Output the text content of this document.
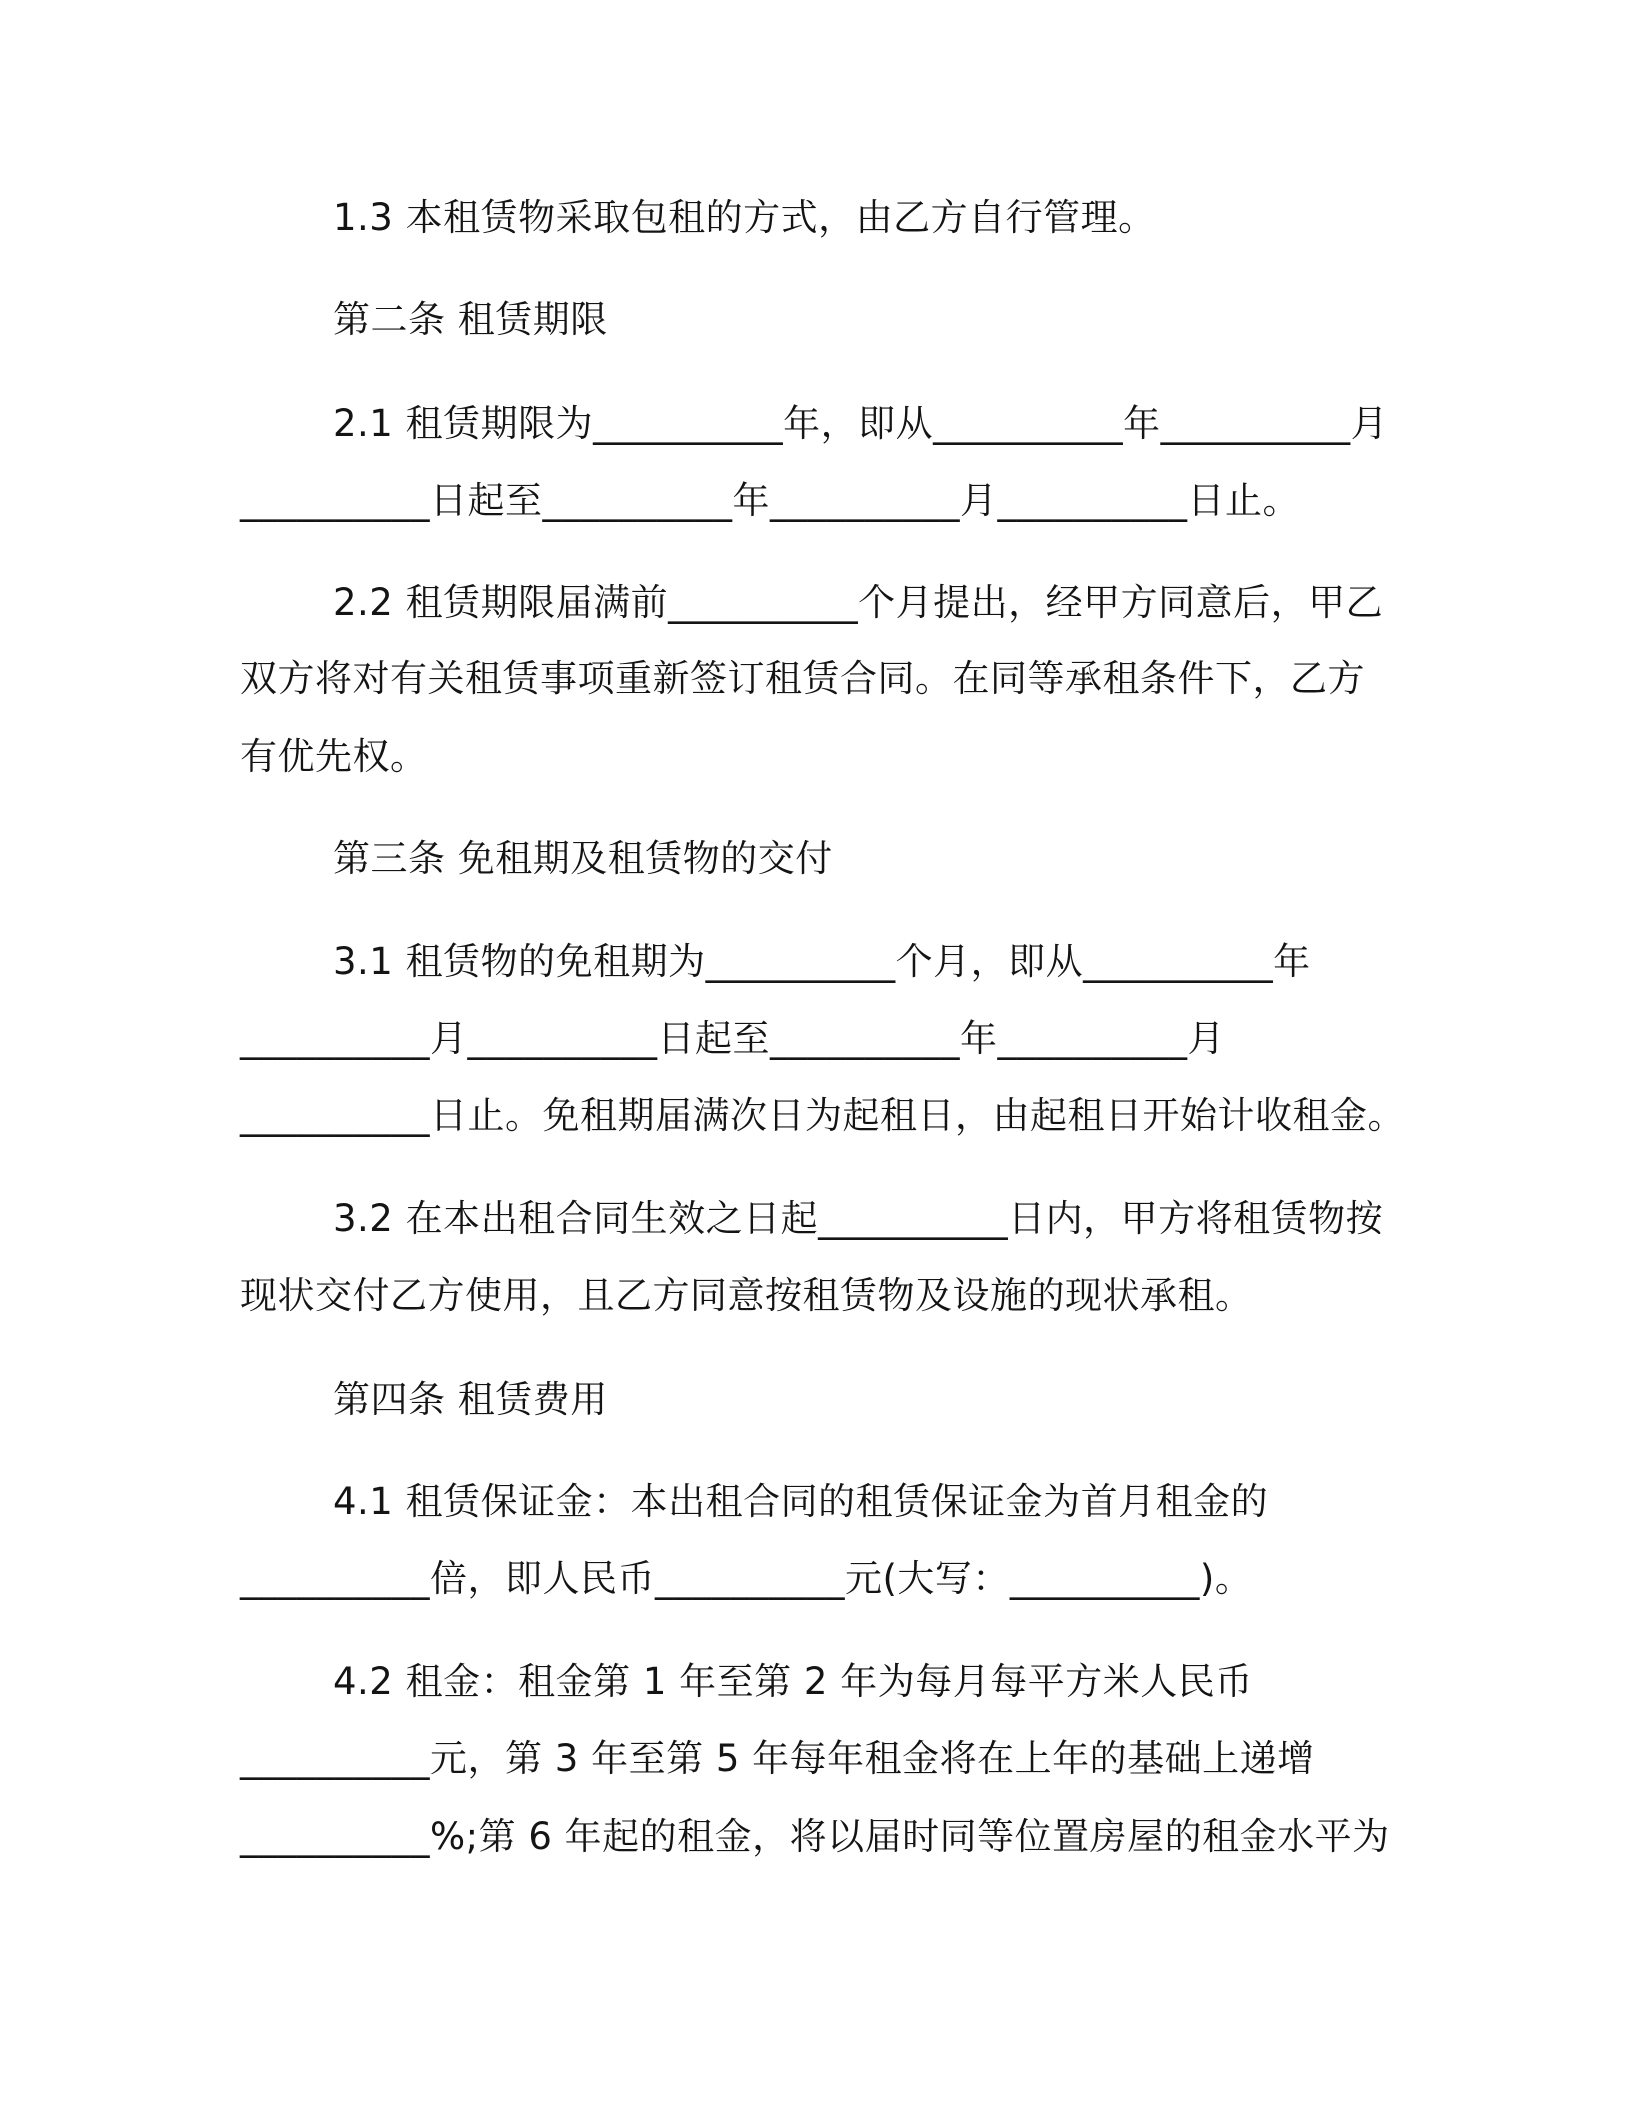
1.3 本租赁物采取包租的方式，由乙方自行管理。
第二条 租赁期限
2.1 租赁期限为__________年，即从__________年__________月
__________日起至__________年__________月__________日止。
2.2 租赁期限届满前__________个月提出，经甲方同意后，甲乙
双方将对有关租赁事项重新签订租赁合同。在同等承租条件下，乙方
有优先权。
第三条 免租期及租赁物的交付
3.1 租赁物的免租期为__________个月，即从__________年
__________月__________日起至__________年__________月
__________日止。免租期届满次日为起租日，由起租日开始计收租金。
3.2 在本出租合同生效之日起__________日内，甲方将租赁物按
现状交付乙方使用，且乙方同意按租赁物及设施的现状承租。
第四条 租赁费用
4.1 租赁保证金：本出租合同的租赁保证金为首月租金的
__________倍，即人民币__________元(大写：__________)。
4.2 租金：租金第 1 年至第 2 年为每月每平方米人民币
__________元，第 3 年至第 5 年每年租金将在上年的基础上递增
__________%;第 6 年起的租金，将以届时同等位置房屋的租金水平为
